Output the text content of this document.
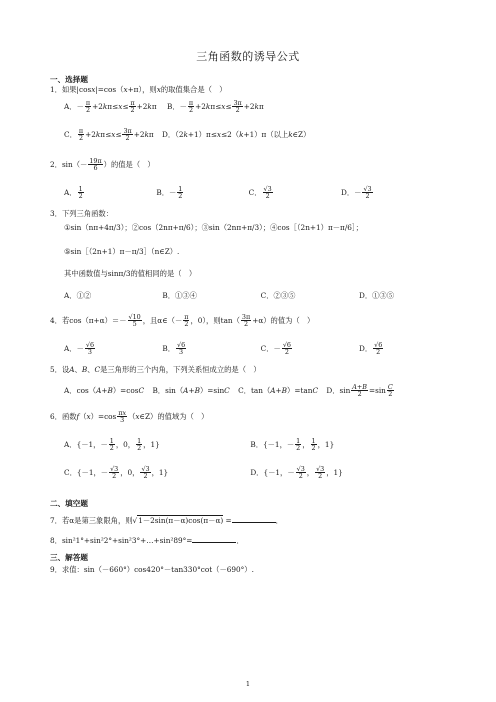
三角函数的诱导公式
一、选择题
1．如果|cosx|=cos（x+π），则x的取值集合是（　）
A．－ $\frac{\pi}{2} +2k\pi\le x\le \frac{\pi}{2} +2k\pi$ B．－ $\frac{\pi}{2} +2k\pi\le x\le \frac{3\pi}{2} +2k\pi$
C． $\frac{\pi}{2} +2k\pi\le x\le \frac{3\pi}{2} +2k\pi$ D．（2k+1）π≤x≤2（k+1）π（以上k∈Z）
2．$\sin(- \frac{19\pi}{6}$ ）的值是（　）
A． $\frac{1}{2}$	B．－ $\frac{1}{2}$	C． $\frac{√3}{2}$	D．－ $\frac{√3}{2}$
3．下列三角函数：
①sin（nπ+4π/3）；②cos（2nπ+π/6）；③sin（2nπ+π/3）；④cos［（2n+1）π－π/6］；
⑤sin［（2n+1）π－π/3］（n∈Z）.
其中函数值与sinπ/3的值相同的是（　）
A．①②	B．①③④	C．②③⑤	D．①③⑤
4．若$\cos(\pi+\alpha)=- \frac{√10}{5}$ ，且α∈（－ $\frac{\pi}{2}$ ，0），则$\tan( \frac{3\pi}{2} +\alpha)$的值为（　）
A．－ $\frac{√6}{3}$	B． $\frac{√6}{3}$	C．－ $\frac{√6}{2}$	D． $\frac{√6}{2}$
5．设A、B、C是三角形的三个内角，下列关系恒成立的是（　）
A．cos（A+B）=cosC B．sin（A+B）=sinC C．tan（A+B）=tanC D．$\sin \frac{A+B}{2} =\sin \frac{C}{2}$
6．函数$f(x)=\cos \frac{\pi x}{3}$ （x∈Z）的值域为（　）
A．{－1，－ $\frac{1}{2}$ ，0， $\frac{1}{2}$ ，1}	B．{－1，－ $\frac{1}{2}$ ， $\frac{1}{2}$ ，1}
C．{－1，－ $\frac{√3}{2}$ ，0， $\frac{√3}{2}$ ，1}	D．{－1，－ $\frac{√3}{2}$ ， $\frac{√3}{2}$ ，1}
二、填空题
7．若α是第三象限角，则√1－2sin(π－α)cos(π－α) =	．
8．sin²1°+sin²2°+sin²3°+…+sin²89°=	．
三、解答题
9．求值：sin（－660°）cos420°－tan330°cot（－690°）.
1
